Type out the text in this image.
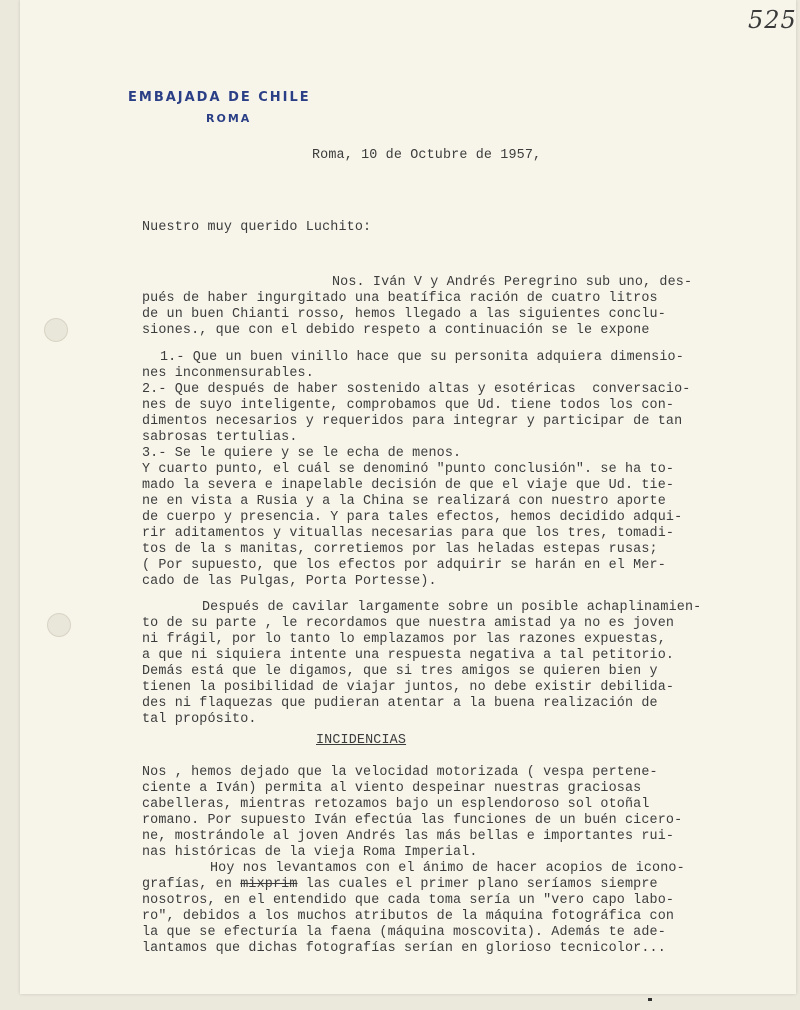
525
EMBAJADA DE CHILE
ROMA
Roma, 10 de Octubre de 1957,
Nuestro muy querido Luchito:
Nos. Iván V y Andrés Peregrino sub uno, des-
pués de haber ingurgitado una beatífica ración de cuatro litros
de un buen Chianti rosso, hemos llegado a las siguientes conclu-
siones., que con el debido respeto a continuación se le expone
1.- Que un buen vinillo hace que su personita adquiera dimensio-
nes inconmensurables.
2.- Que después de haber sostenido altas y esotéricas  conversacio-
nes de suyo inteligente, comprobamos que Ud. tiene todos los con-
dimentos necesarios y requeridos para integrar y participar de tan
sabrosas tertulias.
3.- Se le quiere y se le echa de menos.
Y cuarto punto, el cuál se denominó "punto conclusión". se ha to-
mado la severa e inapelable decisión de que el viaje que Ud. tie-
ne en vista a Rusia y a la China se realizará con nuestro aporte
de cuerpo y presencia. Y para tales efectos, hemos decidido adqui-
rir aditamentos y vituallas necesarias para que los tres, tomadi-
tos de la s manitas, corretiemos por las heladas estepas rusas;
( Por supuesto, que los efectos por adquirir se harán en el Mer-
cado de las Pulgas, Porta Portesse).
Después de cavilar largamente sobre un posible achaplinamien-
to de su parte , le recordamos que nuestra amistad ya no es joven
ni frágil, por lo tanto lo emplazamos por las razones expuestas,
a que ni siquiera intente una respuesta negativa a tal petitorio.
Demás está que le digamos, que si tres amigos se quieren bien y
tienen la posibilidad de viajar juntos, no debe existir debilida-
des ni flaquezas que pudieran atentar a la buena realización de
tal propósito.
INCIDENCIAS
Nos , hemos dejado que la velocidad motorizada ( vespa pertene-
ciente a Iván) permita al viento despeinar nuestras graciosas
cabelleras, mientras retozamos bajo un esplendoroso sol otoñal
romano. Por supuesto Iván efectúa las funciones de un buén cicero-
ne, mostrándole al joven Andrés las más bellas e importantes rui-
nas históricas de la vieja Roma Imperial.
Hoy nos levantamos con el ánimo de hacer acopios de icono-
grafías, en mixprim las cuales el primer plano seríamos siempre
nosotros, en el entendido que cada toma sería un "vero capo labo-
ro", debidos a los muchos atributos de la máquina fotográfica con
la que se efecturía la faena (máquina moscovita). Además te ade-
lantamos que dichas fotografías serían en glorioso tecnicolor...
